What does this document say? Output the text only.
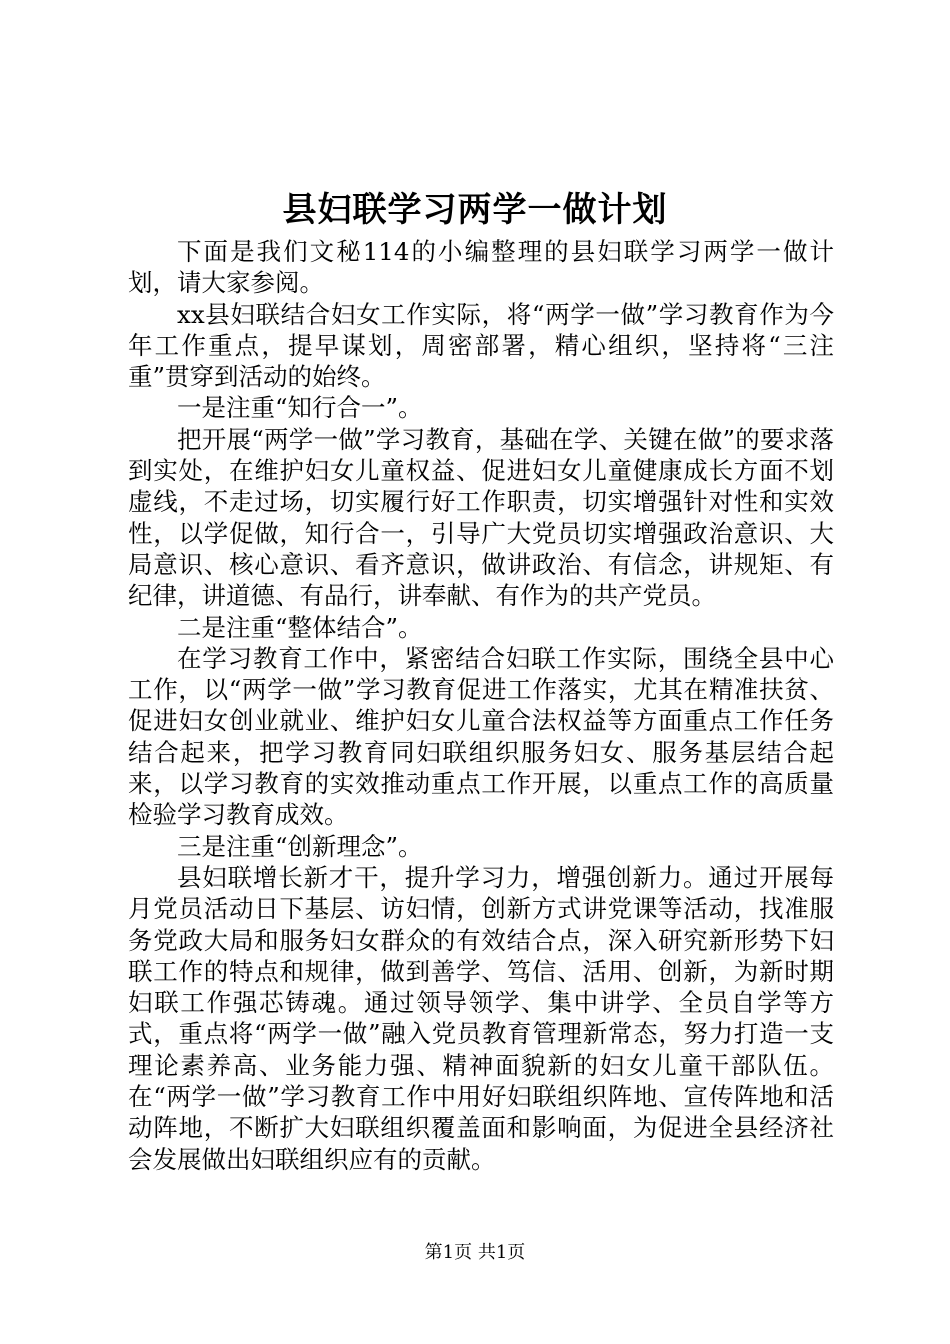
县妇联学习两学一做计划

下面是我们文秘114的小编整理的县妇联学习两学一做计划，请大家参阅。

xx县妇联结合妇女工作实际，将“两学一做”学习教育作为今年工作重点，提早谋划，周密部署，精心组织，坚持将“三注重”贯穿到活动的始终。

一是注重“知行合一”。

把开展“两学一做”学习教育，基础在学、关键在做”的要求落到实处，在维护妇女儿童权益、促进妇女儿童健康成长方面不划虚线，不走过场，切实履行好工作职责，切实增强针对性和实效性，以学促做，知行合一，引导广大党员切实增强政治意识、大局意识、核心意识、看齐意识，做讲政治、有信念，讲规矩、有纪律，讲道德、有品行，讲奉献、有作为的共产党员。

二是注重“整体结合”。

在学习教育工作中，紧密结合妇联工作实际，围绕全县中心工作，以“两学一做”学习教育促进工作落实，尤其在精准扶贫、促进妇女创业就业、维护妇女儿童合法权益等方面重点工作任务结合起来，把学习教育同妇联组织服务妇女、服务基层结合起来，以学习教育的实效推动重点工作开展，以重点工作的高质量检验学习教育成效。

三是注重“创新理念”。

县妇联增长新才干，提升学习力，增强创新力。通过开展每月党员活动日下基层、访妇情，创新方式讲党课等活动，找准服务党政大局和服务妇女群众的有效结合点，深入研究新形势下妇联工作的特点和规律，做到善学、笃信、活用、创新，为新时期妇联工作强芯铸魂。通过领导领学、集中讲学、全员自学等方式，重点将“两学一做”融入党员教育管理新常态，努力打造一支理论素养高、业务能力强、精神面貌新的妇女儿童干部队伍。在“两学一做”学习教育工作中用好妇联组织阵地、宣传阵地和活动阵地，不断扩大妇联组织覆盖面和影响面，为促进全县经济社会发展做出妇联组织应有的贡献。

第1页 共1页
